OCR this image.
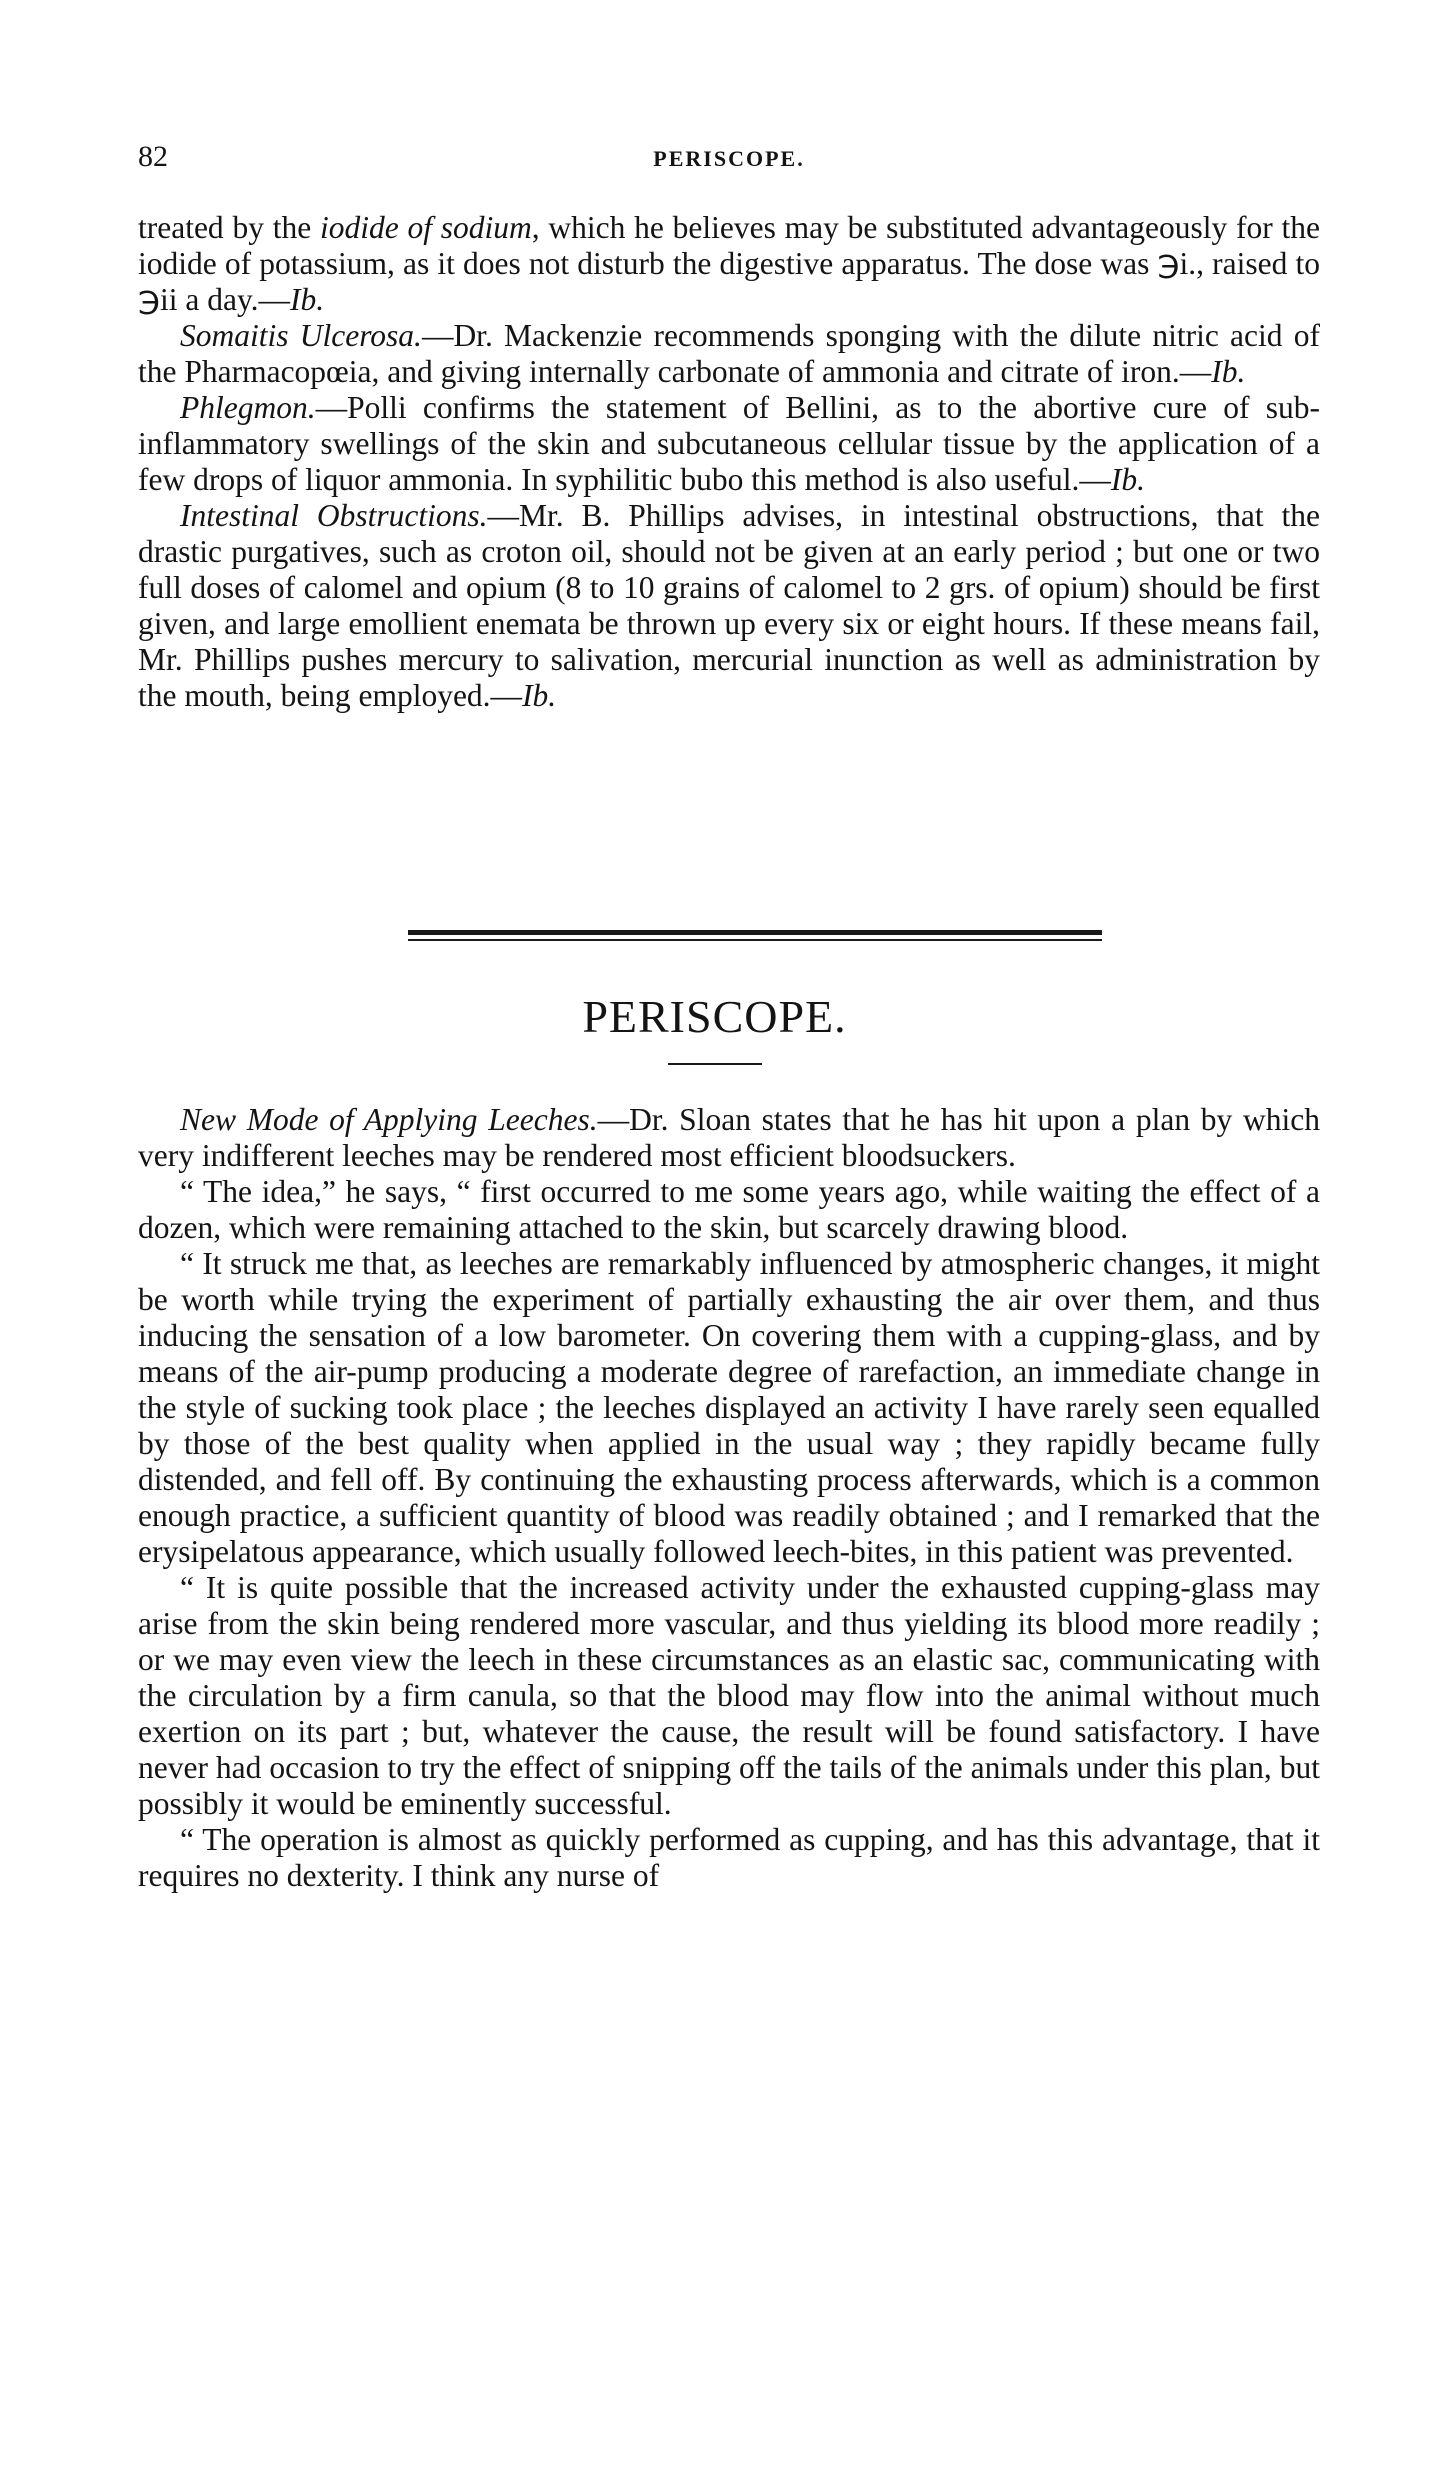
82	PERISCOPE.

treated by the iodide of sodium, which he believes may be substituted advantageously for the iodide of potassium, as it does not disturb the digestive apparatus. The dose was ℈i., raised to ℈ii a day.—Ib.

Somaitis Ulcerosa.—Dr. Mackenzie recommends sponging with the dilute nitric acid of the Pharmacopœia, and giving internally carbonate of ammonia and citrate of iron.—Ib.

Phlegmon.—Polli confirms the statement of Bellini, as to the abortive cure of sub-inflammatory swellings of the skin and subcutaneous cellular tissue by the application of a few drops of liquor ammonia. In syphilitic bubo this method is also useful.—Ib.

Intestinal Obstructions.—Mr. B. Phillips advises, in intestinal obstructions, that the drastic purgatives, such as croton oil, should not be given at an early period ; but one or two full doses of calomel and opium (8 to 10 grains of calomel to 2 grs. of opium) should be first given, and large emollient enemata be thrown up every six or eight hours. If these means fail, Mr. Phillips pushes mercury to salivation, mercurial inunction as well as administration by the mouth, being employed.—Ib.

PERISCOPE.

New Mode of Applying Leeches.—Dr. Sloan states that he has hit upon a plan by which very indifferent leeches may be rendered most efficient bloodsuckers.

“ The idea,” he says, “ first occurred to me some years ago, while waiting the effect of a dozen, which were remaining attached to the skin, but scarcely drawing blood.

“ It struck me that, as leeches are remarkably influenced by atmospheric changes, it might be worth while trying the experiment of partially exhausting the air over them, and thus inducing the sensation of a low barometer. On covering them with a cupping-glass, and by means of the air-pump producing a moderate degree of rarefaction, an immediate change in the style of sucking took place ; the leeches displayed an activity I have rarely seen equalled by those of the best quality when applied in the usual way ; they rapidly became fully distended, and fell off. By continuing the exhausting process afterwards, which is a common enough practice, a sufficient quantity of blood was readily obtained ; and I remarked that the erysipelatous appearance, which usually followed leech-bites, in this patient was prevented.

“ It is quite possible that the increased activity under the exhausted cupping-glass may arise from the skin being rendered more vascular, and thus yielding its blood more readily ; or we may even view the leech in these circumstances as an elastic sac, communicating with the circulation by a firm canula, so that the blood may flow into the animal without much exertion on its part ; but, whatever the cause, the result will be found satisfactory. I have never had occasion to try the effect of snipping off the tails of the animals under this plan, but possibly it would be eminently successful.

“ The operation is almost as quickly performed as cupping, and has this advantage, that it requires no dexterity. I think any nurse of
